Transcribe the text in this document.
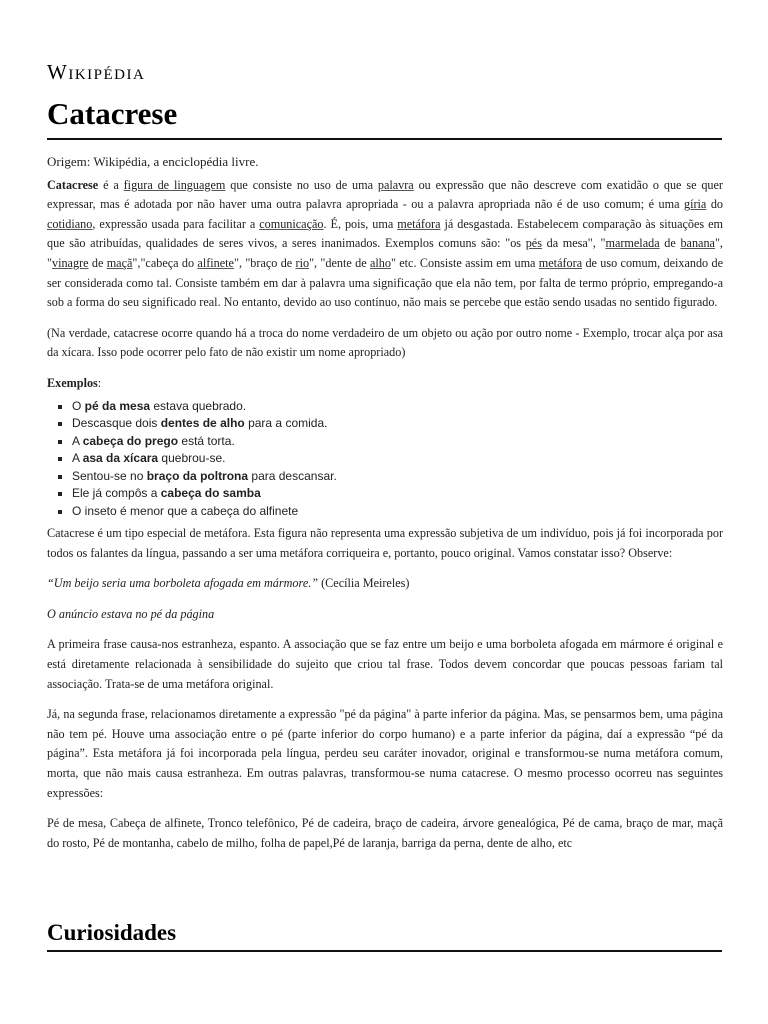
Wikipédia
Catacrese

Origem: Wikipédia, a enciclopédia livre.

Catacrese é a figura de linguagem que consiste no uso de uma palavra ou expressão que não descreve com exatidão o que se quer expressar, mas é adotada por não haver uma outra palavra apropriada - ou a palavra apropriada não é de uso comum; é uma gíria do cotidiano, expressão usada para facilitar a comunicação. É, pois, uma metáfora já desgastada. Estabelecem comparação às situações em que são atribuídas, qualidades de seres vivos, a seres inanimados. Exemplos comuns são: "os pés da mesa", "marmelada de banana", "vinagre de maçã","cabeça do alfinete", "braço de rio", "dente de alho" etc. Consiste assim em uma metáfora de uso comum, deixando de ser considerada como tal. Consiste também em dar à palavra uma significação que ela não tem, por falta de termo próprio, empregando-a sob a forma do seu significado real. No entanto, devido ao uso contínuo, não mais se percebe que estão sendo usadas no sentido figurado.

(Na verdade, catacrese ocorre quando há a troca do nome verdadeiro de um objeto ou ação por outro nome - Exemplo, trocar alça por asa da xícara. Isso pode ocorrer pelo fato de não existir um nome apropriado)

Exemplos:

▪ O pé da mesa estava quebrado.
▪ Descasque dois dentes de alho para a comida.
▪ A cabeça do prego está torta.
▪ A asa da xícara quebrou-se.
▪ Sentou-se no braço da poltrona para descansar.
▪ Ele já compôs a cabeça do samba
▪ O inseto é menor que a cabeça do alfinete

Catacrese é um tipo especial de metáfora. Esta figura não representa uma expressão subjetiva de um indivíduo, pois já foi incorporada por todos os falantes da língua, passando a ser uma metáfora corriqueira e, portanto, pouco original. Vamos constatar isso? Observe:

“Um beijo seria uma borboleta afogada em mármore.” (Cecília Meireles)

O anúncio estava no pé da página

A primeira frase causa-nos estranheza, espanto. A associação que se faz entre um beijo e uma borboleta afogada em mármore é original e está diretamente relacionada à sensibilidade do sujeito que criou tal frase. Todos devem concordar que poucas pessoas fariam tal associação. Trata-se de uma metáfora original.

Já, na segunda frase, relacionamos diretamente a expressão "pé da página" à parte inferior da página. Mas, se pensarmos bem, uma página não tem pé. Houve uma associação entre o pé (parte inferior do corpo humano) e a parte inferior da página, daí a expressão “pé da página”. Esta metáfora já foi incorporada pela língua, perdeu seu caráter inovador, original e transformou-se numa metáfora comum, morta, que não mais causa estranheza. Em outras palavras, transformou-se numa catacrese. O mesmo processo ocorreu nas seguintes expressões:

Pé de mesa, Cabeça de alfinete, Tronco telefônico, Pé de cadeira, braço de cadeira, árvore genealógica, Pé de cama, braço de mar, maçã do rosto, Pé de montanha, cabelo de milho, folha de papel,Pé de laranja, barriga da perna, dente de alho, etc

Curiosidades
